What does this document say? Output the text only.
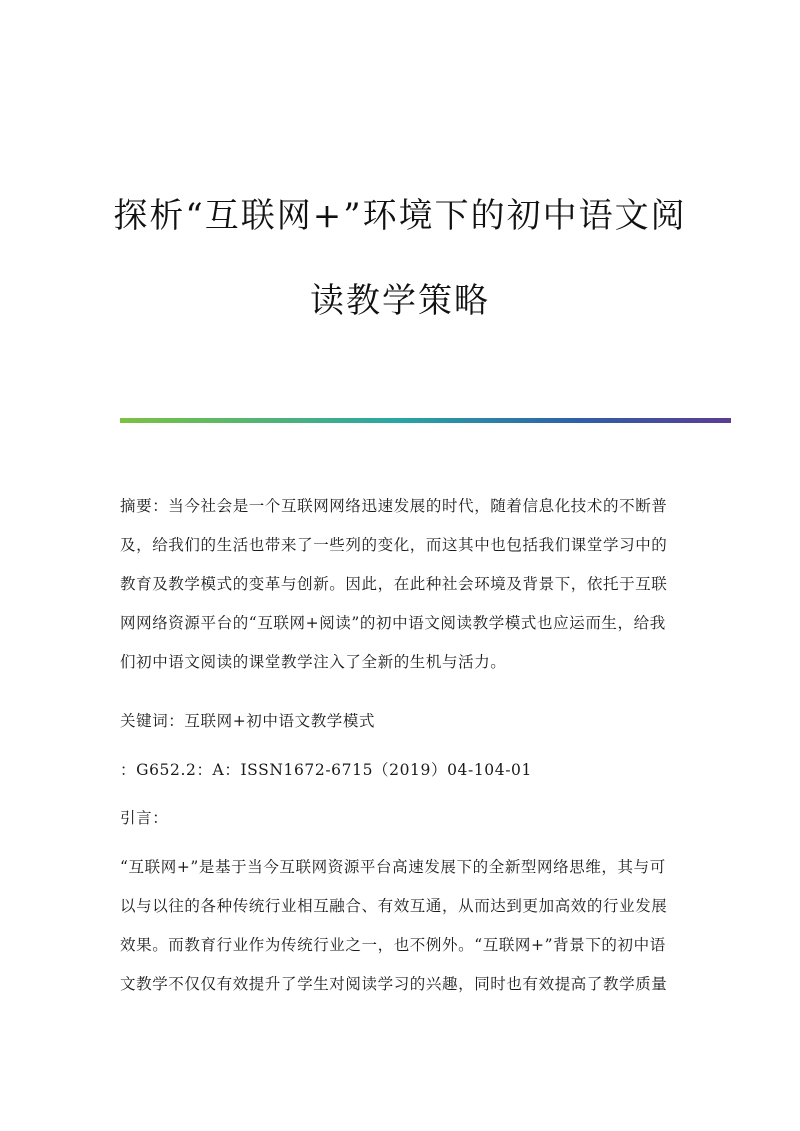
探析“互联网+”环境下的初中语文阅
读教学策略

摘要：当今社会是一个互联网网络迅速发展的时代，随着信息化技术的不断普

及，给我们的生活也带来了一些列的变化，而这其中也包括我们课堂学习中的

教育及教学模式的变革与创新。因此，在此种社会环境及背景下，依托于互联

网网络资源平台的“互联网+阅读”的初中语文阅读教学模式也应运而生，给我

们初中语文阅读的课堂教学注入了全新的生机与活力。

关键词：互联网+初中语文教学模式
：G652.2：A：ISSN1672-6715（2019）04-104-01
引言：

“互联网+”是基于当今互联网资源平台高速发展下的全新型网络思维，其与可

以与以往的各种传统行业相互融合、有效互通，从而达到更加高效的行业发展

效果。而教育行业作为传统行业之一，也不例外。“互联网+”背景下的初中语

文教学不仅仅有效提升了学生对阅读学习的兴趣，同时也有效提高了教学质量
